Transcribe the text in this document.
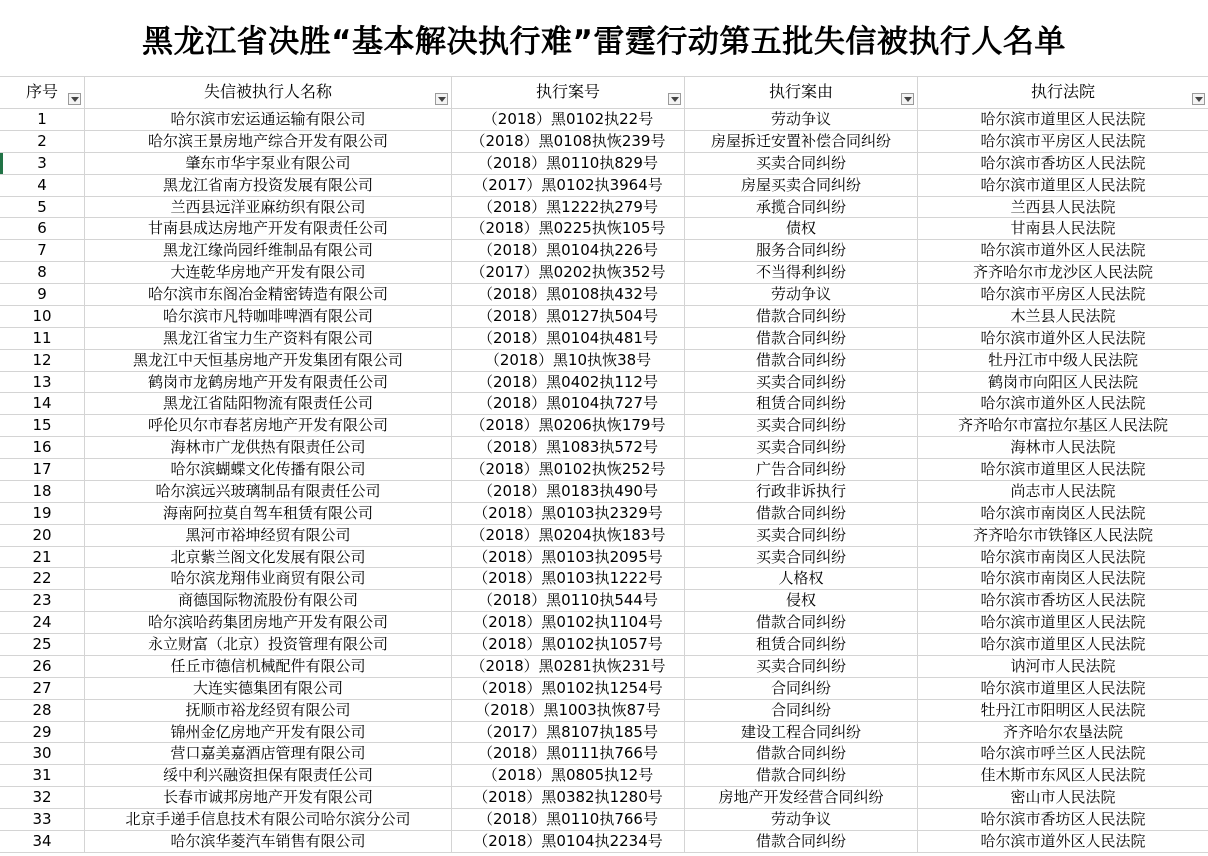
黑龙江省决胜“基本解决执行难”雷霆行动第五批失信被执行人名单
序号	失信被执行人名称	执行案号	执行案由	执行法院
1	哈尔滨市宏运通运输有限公司	（2018）黑0102执22号	劳动争议	哈尔滨市道里区人民法院
2	哈尔滨王景房地产综合开发有限公司	（2018）黑0108执恢239号	房屋拆迁安置补偿合同纠纷	哈尔滨市平房区人民法院
3	肇东市华宇泵业有限公司	（2018）黑0110执829号	买卖合同纠纷	哈尔滨市香坊区人民法院
4	黑龙江省南方投资发展有限公司	（2017）黑0102执3964号	房屋买卖合同纠纷	哈尔滨市道里区人民法院
5	兰西县远洋亚麻纺织有限公司	（2018）黑1222执279号	承揽合同纠纷	兰西县人民法院
6	甘南县成达房地产开发有限责任公司	（2018）黑0225执恢105号	债权	甘南县人民法院
7	黑龙江缘尚园纤维制品有限公司	（2018）黑0104执226号	服务合同纠纷	哈尔滨市道外区人民法院
8	大连乾华房地产开发有限公司	（2017）黑0202执恢352号	不当得利纠纷	齐齐哈尔市龙沙区人民法院
9	哈尔滨市东阁冶金精密铸造有限公司	（2018）黑0108执432号	劳动争议	哈尔滨市平房区人民法院
10	哈尔滨市凡特咖啡啤酒有限公司	（2018）黑0127执504号	借款合同纠纷	木兰县人民法院
11	黑龙江省宝力生产资料有限公司	（2018）黑0104执481号	借款合同纠纷	哈尔滨市道外区人民法院
12	黑龙江中天恒基房地产开发集团有限公司	（2018）黑10执恢38号	借款合同纠纷	牡丹江市中级人民法院
13	鹤岗市龙鹤房地产开发有限责任公司	（2018）黑0402执112号	买卖合同纠纷	鹤岗市向阳区人民法院
14	黑龙江省陆阳物流有限责任公司	（2018）黑0104执727号	租赁合同纠纷	哈尔滨市道外区人民法院
15	呼伦贝尔市春茗房地产开发有限公司	（2018）黑0206执恢179号	买卖合同纠纷	齐齐哈尔市富拉尔基区人民法院
16	海林市广龙供热有限责任公司	（2018）黑1083执572号	买卖合同纠纷	海林市人民法院
17	哈尔滨蝴蝶文化传播有限公司	（2018）黑0102执恢252号	广告合同纠纷	哈尔滨市道里区人民法院
18	哈尔滨远兴玻璃制品有限责任公司	（2018）黑0183执490号	行政非诉执行	尚志市人民法院
19	海南阿拉莫自驾车租赁有限公司	（2018）黑0103执2329号	借款合同纠纷	哈尔滨市南岗区人民法院
20	黑河市裕坤经贸有限公司	（2018）黑0204执恢183号	买卖合同纠纷	齐齐哈尔市铁锋区人民法院
21	北京紫兰阁文化发展有限公司	（2018）黑0103执2095号	买卖合同纠纷	哈尔滨市南岗区人民法院
22	哈尔滨龙翔伟业商贸有限公司	（2018）黑0103执1222号	人格权	哈尔滨市南岗区人民法院
23	商德国际物流股份有限公司	（2018）黑0110执544号	侵权	哈尔滨市香坊区人民法院
24	哈尔滨哈药集团房地产开发有限公司	（2018）黑0102执1104号	借款合同纠纷	哈尔滨市道里区人民法院
25	永立财富（北京）投资管理有限公司	（2018）黑0102执1057号	租赁合同纠纷	哈尔滨市道里区人民法院
26	任丘市德信机械配件有限公司	（2018）黑0281执恢231号	买卖合同纠纷	讷河市人民法院
27	大连实德集团有限公司	（2018）黑0102执1254号	合同纠纷	哈尔滨市道里区人民法院
28	抚顺市裕龙经贸有限公司	（2018）黑1003执恢87号	合同纠纷	牡丹江市阳明区人民法院
29	锦州金亿房地产开发有限公司	（2017）黑8107执185号	建设工程合同纠纷	齐齐哈尔农垦法院
30	营口嘉美嘉酒店管理有限公司	（2018）黑0111执766号	借款合同纠纷	哈尔滨市呼兰区人民法院
31	绥中利兴融资担保有限责任公司	（2018）黑0805执12号	借款合同纠纷	佳木斯市东风区人民法院
32	长春市诚邦房地产开发有限公司	（2018）黑0382执1280号	房地产开发经营合同纠纷	密山市人民法院
33	北京手递手信息技术有限公司哈尔滨分公司	（2018）黑0110执766号	劳动争议	哈尔滨市香坊区人民法院
34	哈尔滨华菱汽车销售有限公司	（2018）黑0104执2234号	借款合同纠纷	哈尔滨市道外区人民法院
